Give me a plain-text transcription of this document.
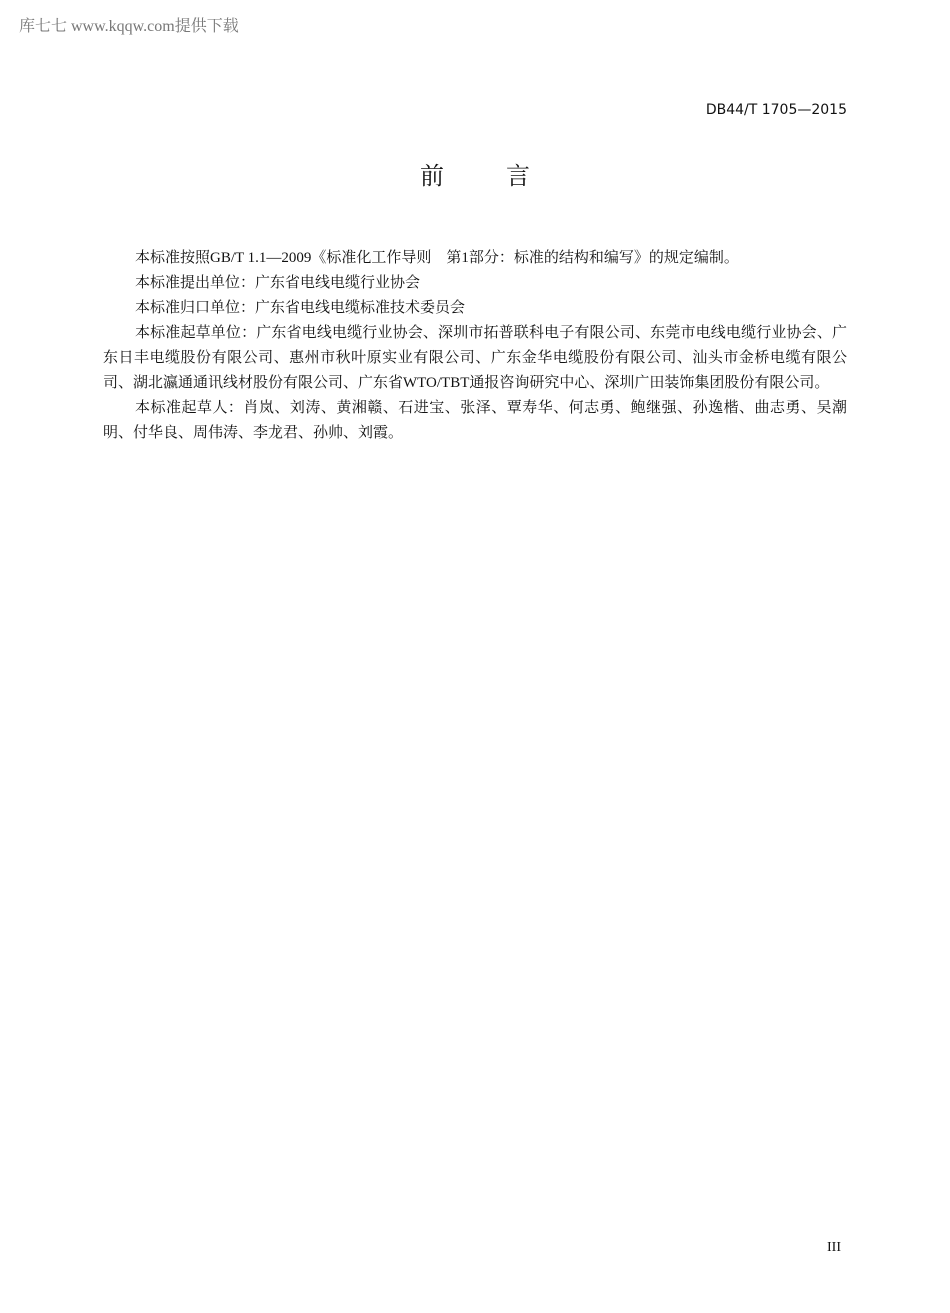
库七七 www.kqqw.com提供下载
DB44/T 1705—2015
前言

本标准按照GB/T 1.1—2009《标准化工作导则　第1部分：标准的结构和编写》的规定编制。

本标准提出单位：广东省电线电缆行业协会

本标准归口单位：广东省电线电缆标准技术委员会

本标准起草单位：广东省电线电缆行业协会、深圳市拓普联科电子有限公司、东莞市电线电缆行业协会、广东日丰电缆股份有限公司、惠州市秋叶原实业有限公司、广东金华电缆股份有限公司、汕头市金桥电缆有限公司、湖北瀛通通讯线材股份有限公司、广东省WTO/TBT通报咨询研究中心、深圳广田装饰集团股份有限公司。

本标准起草人：肖岚、刘涛、黄湘赣、石进宝、张泽、覃寿华、何志勇、鲍继强、孙逸楷、曲志勇、吴潮明、付华良、周伟涛、李龙君、孙帅、刘霞。

III
